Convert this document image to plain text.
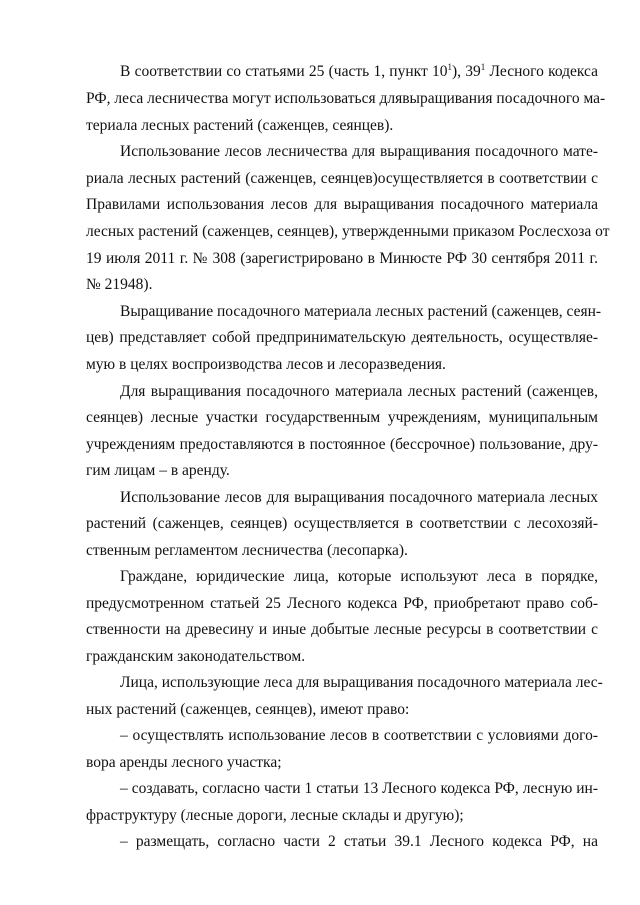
В соответствии со статьями 25 (часть 1, пункт $10^1$), $39^1$ Лесного кодекса
РФ, леса лесничества могут использоваться длявыращивания посадочного ма-
териала лесных растений (саженцев, сеянцев).
Использование лесов лесничества для выращивания посадочного мате-
риала лесных растений (саженцев, сеянцев)осуществляется в соответствии с
Правилами использования лесов для выращивания посадочного материала
лесных растений (саженцев, сеянцев), утвержденными приказом Рослесхоза от
19 июля 2011 г. № 308 (зарегистрировано в Минюсте РФ 30 сентября 2011 г.
№ 21948).
Выращивание посадочного материала лесных растений (саженцев, сеян-
цев) представляет собой предпринимательскую деятельность, осуществляе-
мую в целях воспроизводства лесов и лесоразведения.
Для выращивания посадочного материала лесных растений (саженцев,
сеянцев) лесные участки государственным учреждениям, муниципальным
учреждениям предоставляются в постоянное (бессрочное) пользование, дру-
гим лицам – в аренду.
Использование лесов для выращивания посадочного материала лесных
растений (саженцев, сеянцев) осуществляется в соответствии с лесохозяй-
ственным регламентом лесничества (лесопарка).
Граждане, юридические лица, которые используют леса в порядке,
предусмотренном статьей 25 Лесного кодекса РФ, приобретают право соб-
ственности на древесину и иные добытые лесные ресурсы в соответствии с
гражданским законодательством.
Лица, использующие леса для выращивания посадочного материала лес-
ных растений (саженцев, сеянцев), имеют право:
– осуществлять использование лесов в соответствии с условиями дого-
вора аренды лесного участка;
– создавать, согласно части 1 статьи 13 Лесного кодекса РФ, лесную ин-
фраструктуру (лесные дороги, лесные склады и другую);
– размещать, согласно части 2 статьи 39.1 Лесного кодекса РФ, на
